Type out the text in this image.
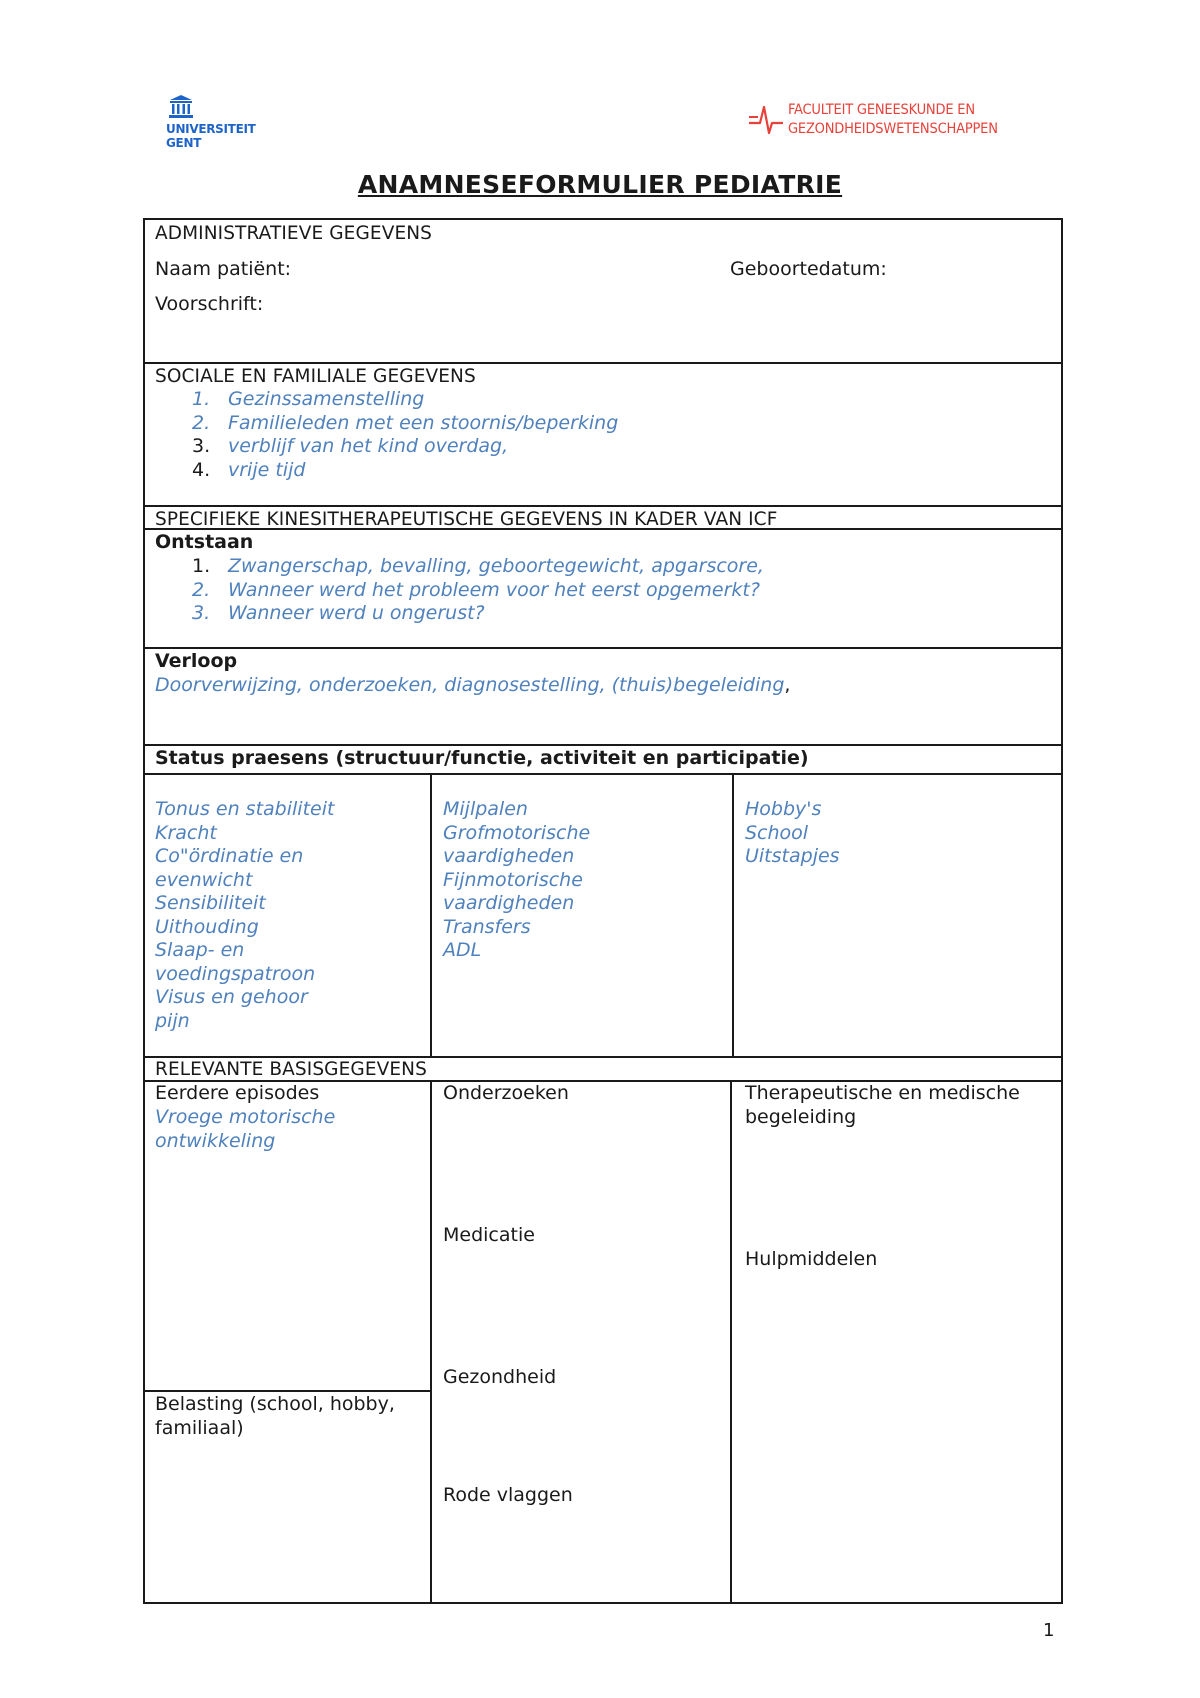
UNIVERSITEIT
GENT
FACULTEIT GENEESKUNDE EN
GEZONDHEIDSWETENSCHAPPEN
ANAMNESEFORMULIER PEDIATRIE
ADMINISTRATIEVE GEGEVENS
Naam patiënt:	Geboortedatum:
Voorschrift:
SOCIALE EN FAMILIALE GEGEVENS
1. Gezinssamenstelling
2. Familieleden met een stoornis/beperking
3. verblijf van het kind overdag,
4. vrije tijd
SPECIFIEKE KINESITHERAPEUTISCHE GEGEVENS IN KADER VAN ICF
Ontstaan
1. Zwangerschap, bevalling, geboortegewicht, apgarscore,
2. Wanneer werd het probleem voor het eerst opgemerkt?
3. Wanneer werd u ongerust?
Verloop
Doorverwijzing, onderzoeken, diagnosestelling, (thuis)begeleiding,
Status praesens (structuur/functie, activiteit en participatie)
Tonus en stabiliteit
Kracht
Co"ördinatie en
evenwicht
Sensibiliteit
Uithouding
Slaap- en
voedingspatroon
Visus en gehoor
pijn
Mijlpalen
Grofmotorische
vaardigheden
Fijnmotorische
vaardigheden
Transfers
ADL
Hobby's
School
Uitstapjes
RELEVANTE BASISGEGEVENS
Eerdere episodes
Vroege motorische
ontwikkeling
Belasting (school, hobby,
familiaal)
Onderzoeken
Medicatie
Gezondheid
Rode vlaggen
Therapeutische en medische
begeleiding
Hulpmiddelen
1
